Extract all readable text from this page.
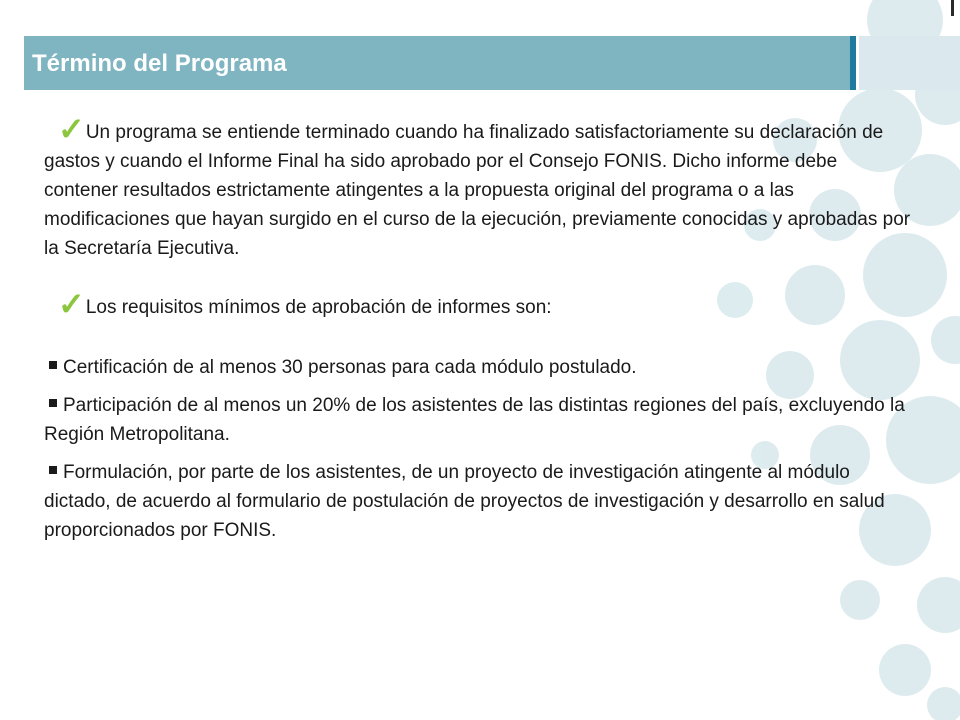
Término del Programa

✓Un programa se entiende terminado cuando ha finalizado satisfactoriamente su declaración de gastos y cuando el Informe Final ha sido aprobado por el Consejo FONIS. Dicho informe debe contener resultados estrictamente atingentes a la propuesta original del programa o a las modificaciones que hayan surgido en el curso de la ejecución, previamente conocidas y aprobadas por la Secretaría Ejecutiva.

✓Los requisitos mínimos de aprobación de informes son:

Certificación de al menos 30 personas para cada módulo postulado.

Participación de al menos un 20% de los asistentes de las distintas regiones del país, excluyendo la Región Metropolitana.

Formulación, por parte de los asistentes, de un proyecto de investigación atingente al módulo dictado, de acuerdo al formulario de postulación de proyectos de investigación y desarrollo en salud proporcionados por FONIS.
